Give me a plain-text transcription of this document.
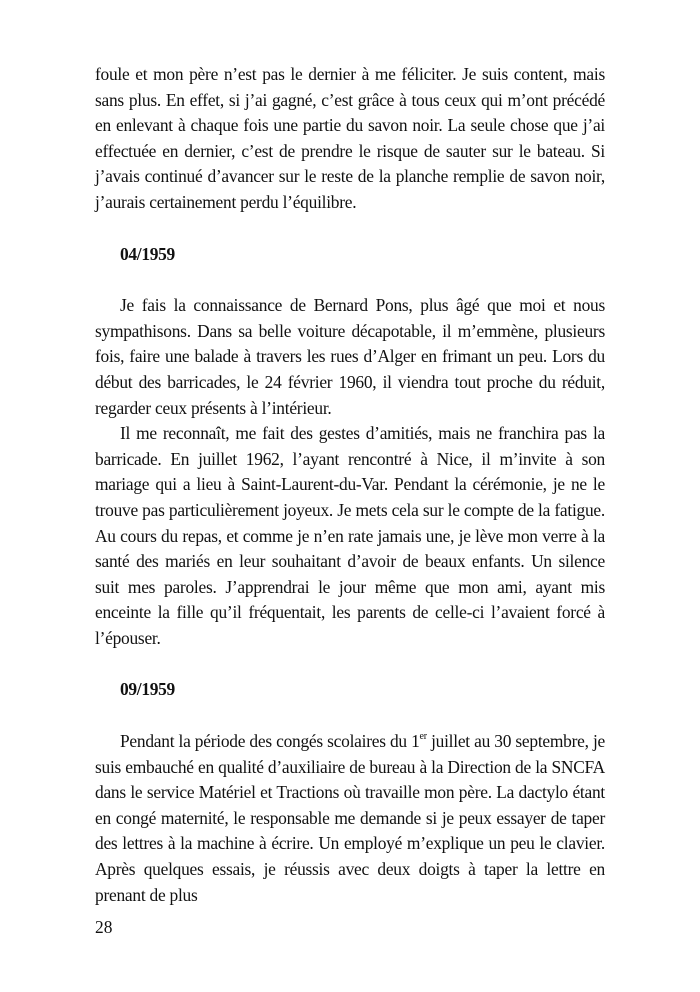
foule et mon père n’est pas le dernier à me féliciter. Je suis content, mais sans plus. En effet, si j’ai gagné, c’est grâce à tous ceux qui m’ont précédé en enlevant à chaque fois une partie du savon noir. La seule chose que j’ai effectuée en dernier, c’est de prendre le risque de sauter sur le bateau. Si j’avais continué d’avancer sur le reste de la planche remplie de savon noir, j’aurais certainement perdu l’équilibre.

04/1959

Je fais la connaissance de Bernard Pons, plus âgé que moi et nous sympathisons. Dans sa belle voiture décapotable, il m’emmène, plusieurs fois, faire une balade à travers les rues d’Alger en frimant un peu. Lors du début des barricades, le 24 février 1960, il viendra tout proche du réduit, regarder ceux présents à l’intérieur.

Il me reconnaît, me fait des gestes d’amitiés, mais ne franchira pas la barricade. En juillet 1962, l’ayant rencontré à Nice, il m’invite à son mariage qui a lieu à Saint-Laurent-du-Var. Pendant la cérémonie, je ne le trouve pas particulièrement joyeux. Je mets cela sur le compte de la fatigue. Au cours du repas, et comme je n’en rate jamais une, je lève mon verre à la santé des mariés en leur souhaitant d’avoir de beaux enfants. Un silence suit mes paroles. J’apprendrai le jour même que mon ami, ayant mis enceinte la fille qu’il fréquentait, les parents de celle-ci l’avaient forcé à l’épouser.

09/1959

Pendant la période des congés scolaires du 1er juillet au 30 septembre, je suis embauché en qualité d’auxiliaire de bureau à la Direction de la SNCFA dans le service Matériel et Tractions où travaille mon père. La dactylo étant en congé maternité, le responsable me demande si je peux essayer de taper des lettres à la machine à écrire. Un employé m’explique un peu le clavier. Après quelques essais, je réussis avec deux doigts à taper la lettre en prenant de plus

28
